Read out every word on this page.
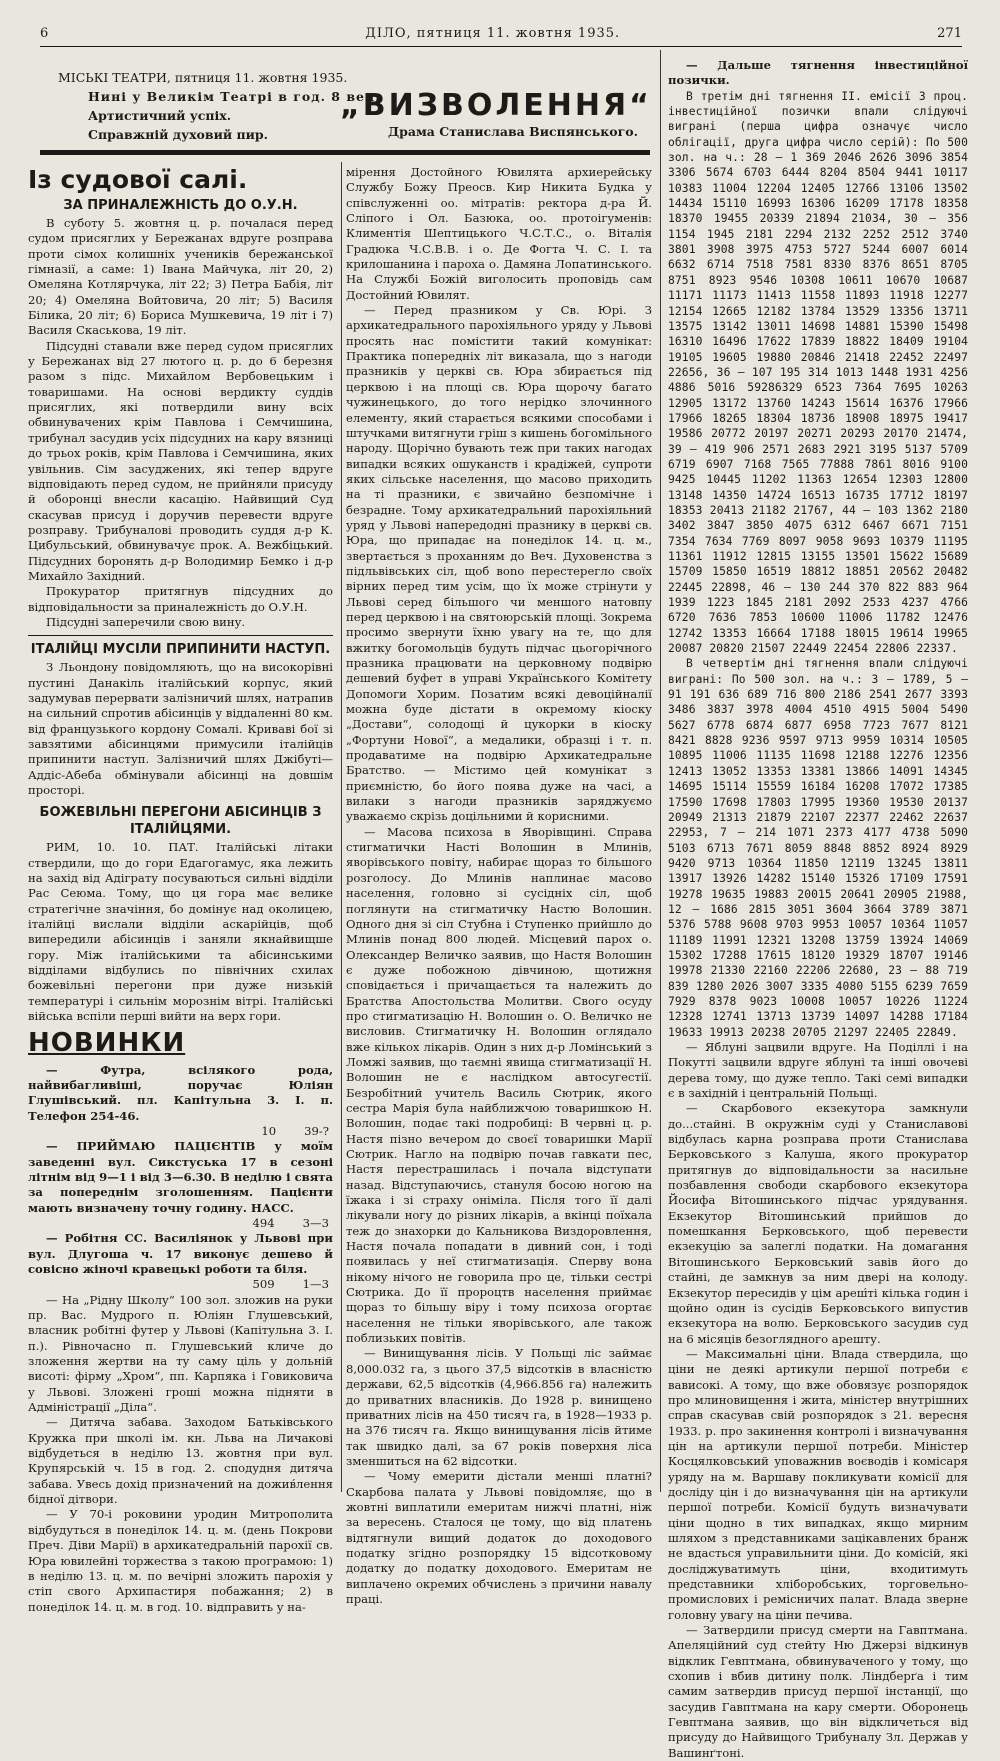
6	ДІЛО, пятниця 11. жовтня 1935.	271
МІСЬКІ ТЕАТРИ, пятниця 11. жовтня 1935.
Нині у Великім Театрі в год. 8 веч.
Артистичний успіх.
Справжній духовий пир.
„ВИЗВОЛЕННЯ“
Драма Станислава Виспянського.
Із судової салі.
ЗА ПРИНАЛЕЖНІСТЬ ДО О.У.Н.

В суботу 5. жовтня ц. р. почалася перед судом присяглих у Бережанах вдруге розправа проти сімох колишніх учеників бережанської гімназії, а саме: 1) Івана Майчука, літ 20, 2) Омеляна Котлярчука, літ 22; 3) Петра Бабія, літ 20; 4) Омеляна Войтовича, 20 літ; 5) Василя Білика, 20 літ; 6) Бориса Мушкевича, 19 літ і 7) Василя Скаськова, 19 літ.

Підсудні ставали вже перед судом присяглих у Бережанах від 27 лютого ц. р. до 6 березня разом з підс. Михайлом Вербовецьким і товаришами. На основі вердикту суддів присяглих, які потвердили вину всіх обвинувачених крім Павлова і Семчишина, трибунал засудив усіх підсудних на кару вязниці до трьох років, крім Павлова і Семчишина, яких увільнив. Сім засуджених, які тепер вдруге відповідають перед судом, не прийняли присуду й оборонці внесли касацію. Найвищий Суд скасував присуд і доручив перевести вдруге розправу. Трибуналові проводить суддя д-р К. Цибульський, обвинувачує прок. А. Вежбіцький. Підсудних боронять д-р Володимир Бемко і д-р Михайло Західний.

Прокуратор притягнув підсудних до відповідальности за приналежність до О.У.Н.

Підсудні заперечили свою вину.

ІТАЛІЙЦІ МУСІЛИ ПРИПИНИТИ НАСТУП.

З Льондону повідомляють, що на високорівні пустині Данакіль італійський корпус, який задумував перервати залізничий шлях, натрапив на сильний спротив абісинців у віддаленні 80 км. від французького кордону Сомалі. Криваві бої зі завзятими абісинцями примусили італійців припинити наступ. Залізничий шлях Джібуті—Аддіс-Абеба обмінували абісинці на довшім просторі.

БОЖЕВІЛЬНІ ПЕРЕГОНИ АБІСИНЦІВ З ІТАЛІЙЦЯМИ.

РИМ, 10. 10. ПАТ. Італійські літаки ствердили, що до гори Едагогамус, яка лежить на захід від Адіграту посуваються сильні відділи Рас Сеюма. Тому, що ця гора має велике стратегічне значіння, бо домінує над околицею, італійці вислали відділи аскарійців, щоб випередили абісинців і заняли якнайвищше гору. Між італійськими та абісинськими відділами відбулись по північних схилах божевільні перегони при дуже низькій температурі і сильнім морознім вітрі. Італійські війська вспіли перші вийти на верх гори.

НОВИНКИ

— Футра, всілякого рода, найвибагливіші, поручає Юліян Глушівський. пл. Капітульна 3. І. п. Телефон 254-46.

10 39-?

— ПРИЙМАЮ ПАЦІЄНТІВ у моїм заведенні вул. Сикстуська 17 в сезоні літнім від 9—1 і від 3—6.30. В неділю і свята за попереднім зголошенням. Пацієнти мають визначену точну годину. НАСС.

494 3—3

— Робітня СС. Василіянок у Львові при вул. Длугоша ч. 17 виконує дешево й совісно жіночі кравецькі роботи та біля.

509 1—3

— На „Рідну Школу“ 100 зол. зложив на руки пр. Вас. Мудрого п. Юліян Глушевський, власник робітні футер у Львові (Капітульна 3. І. п.). Рівночасно п. Глушевський кличе до зложення жертви на ту саму ціль у дольній висоті: фірму „Хром“, пп. Карпяка і Говиковича у Львові. Зложені гроші можна підняти в Адміністрації „Діла“.

— Дитяча забава. Заходом Батьківського Кружка при школі ім. кн. Льва на Личакові відбудеться в неділю 13. жовтня при вул. Крупярській ч. 15 в год. 2. сподудня дитяча забава. Увесь дохід призначений на дожив́лення бідної дітвори.

— У 70-і роковини уродин Митрополита відбудуться в понеділок 14. ц. м. (день Покрови Преч. Діви Марії) в архикатедральній парохії св. Юра ювилейні торжества з такою програмою: 1) в неділю 13. ц. м. по вечірні зложить парохія у стіп свого Архипастиря побажання; 2) в понеділок 14. ц. м. в год. 10. відправить у на-

мірення Достойного Ювилята архиерейську Службу Божу Преосв. Кир Никита Будка у співслуженні оо. мітратів: ректора д-ра Й. Сліпого і Ол. Базюка, оо. протоігуменів: Климентія Шептицького Ч.С.Т.С., о. Віталія Градюка Ч.С.В.В. і о. Де Фогта Ч. С. І. та крилошанина і пароха о. Дамяна Лопатинського. На Службі Божій виголосить проповідь сам Достойний Ювилят.

— Перед празником у Св. Юрі. З архикатедрального парохіяльного уряду у Львові просять нас помістити такий комунікат: Практика попередніх літ виказала, що з нагоди празників у церкві св. Юра збирається під церквою і на площі св. Юра щорочу багато чужинецького, до того нерідко злочинного елементу, який старається всякими способами і штучками витягнути гріш з кишень богомільного народу. Щорічно бувають теж при таких нагодах випадки всяких ошуканств і крадіжей, супроти яких сільське населення, що масово приходить на ті празники, є звичайно безпомічне і безрадне. Тому архикатедральний парохіяльний уряд у Львові напередодні празнику в церкві св. Юра, що припадає на понеділок 14. ц. м., звертається з проханням до Веч. Духовенства з підльвівських сіл, щоб вono перестерегло своїх вірних перед тим усім, що їх може стрінути у Львові серед більшого чи меншого натовпу перед церквою і на святоюрській площі. Зокрема просимо звернути їхню увагу на те, що для вжитку богомольців будуть підчас цьогорічного празника працювати на церковному подвірю дешевий буфет в управі Українського Комітету Допомоги Хорим. Позатим всякі девоційналії можна буде дістати в окремому кіоску „Достави“, солодощі й цукорки в кіоску „Фортуни Нової“, а медалики, образці і т. п. продаватиме на подвірю Архикатедральне Братство. — Містимо цей комунікат з приємністю, бо його поява дуже на часі, а вилаки з нагоди празників заряджуємо уважаємо скрізь доцільними й корисними.

— Масова психоза в Яворівщині. Справа стигматички Насті Волошин в Млинів, яворівського повіту, набирає щораз то більшого розголосу. До Млинів наплинає масово населення, головно зі сусідніх сіл, щоб поглянути на стигматичку Настю Волошин. Одного дня зі сіл Стубна і Ступенко прийшло до Млинів понад 800 людей. Місцевий парох о. Олександер Величко заявив, що Настя Волошин є дуже побожною дівчиною, щотижня сповідається і причащається та належить до Братства Апостольства Молитви. Свого осуду про стигматизацію Н. Волошин о. О. Величко не висловив. Стигматичку Н. Волошин оглядало вже кількох лікарів. Один з них д-р Ломінський з Ломжі заявив, що таємні явища стигматизації Н. Волошин не є наслідком автосугестії. Безробітний учитель Василь Сютрик, якого сестра Марія була найближчою товаришкою Н. Волошин, подає такі подробиці: В червні ц. р. Настя пізно вечером до своєї товаришки Марії Сютрик. Нагло на подвірю почав гавкати пес, Настя перестрашилась і почала відступати назад. Відступаючись, стануля босою ногою на їжака і зі страху оніміла. Після того її далі лікували ногу до різних лікарів, а вкінці поїхала теж до знахорки до Кальниковa Виздоровлення, Настя почала попадати в дивний сон, і тоді появилась у неї стигматизація. Сперву вона нікому нічого не говорила про це, тільки сестрі Сютрика. До її пророцтв населення приймає щораз то більшу віру і тому психоза огортає населення не тільки яворівського, але також поблизьких повітів.

— Винищування лісів. У Польщі ліс займає 8,000.032 га, з цього 37,5 відсотків в власністю держави, 62,5 відсотків (4,966.856 га) належить до приватних власників. До 1928 р. винищено приватних лісів на 450 тисяч га, в 1928—1933 р. на 376 тисяч га. Якщо винищування лісів йтиме так швидко далі, за 67 років поверхня ліса зменшиться на 62 відсотки.

— Чому емерити дістали менші платні? Скарбова палата у Львові повідомляє, що в жовтні виплатили емеритам нижчі платні, ніж за вересень. Сталося це тому, що від платень відтягнули вищий додаток до доходового податку згідно розпорядку 15 відсотковому додатку до податку доходового. Емеритам не виплачено окремих обчислень з причини навалу праці.

— Дальше тягнення інвестиційної позички.

В третім дні тягнення II. емісії 3 проц. інвестиційної позички впали слідуючі виграні (перша цифра означує число облігації, друга цифра число серій): По 500 зол. на ч.: 28 — 1 369 2046 2626 3096 3854 3306 5674 6703 6444 8204 8504 9441 10117 10383 11004 12204 12405 12766 13106 13502 14434 15110 16993 16306 16209 17178 18358 18370 19455 20339 21894 21034, 30 — 356 1154 1945 2181 2294 2132 2252 2512 3740 3801 3908 3975 4753 5727 5244 6007 6014 6632 6714 7518 7581 8330 8376 8651 8705 8751 8923 9546 10308 10611 10670 10687 11171 11173 11413 11558 11893 11918 12277 12154 12665 12182 13784 13529 13356 13711 13575 13142 13011 14698 14881 15390 15498 16310 16496 17622 17839 18822 18409 19104 19105 19605 19880 20846 21418 22452 22497 22656, 36 — 107 195 314 1013 1448 1931 4256 4886 5016 59286329 6523 7364 7695 10263 12905 13172 13760 14243 15614 16376 17966 17966 18265 18304 18736 18908 18975 19417 19586 20772 20197 20271 20293 20170 21474, 39 — 419 906 2571 2683 2921 3195 5137 5709 6719 6907 7168 7565 77888 7861 8016 9100 9425 10445 11202 11363 12654 12303 12800 13148 14350 14724 16513 16735 17712 18197 18353 20413 21182 21767, 44 — 103 1362 2180 3402 3847 3850 4075 6312 6467 6671 7151 7354 7634 7769 8097 9058 9693 10379 11195 11361 11912 12815 13155 13501 15622 15689 15709 15850 16519 18812 18851 20562 20482 22445 22898, 46 — 130 244 370 822 883 964 1939 1223 1845 2181 2092 2533 4237 4766 6720 7636 7853 10600 11006 11782 12476 12742 13353 16664 17188 18015 19614 19965 20087 20820 21507 22449 22454 22806 22337.

В четвертім дні тягнення впали слідуючі виграні: По 500 зол. на ч.: 3 — 1789, 5 — 91 191 636 689 716 800 2186 2541 2677 3393 3486 3837 3978 4004 4510 4915 5004 5490 5627 6778 6874 6877 6958 7723 7677 8121 8421 8828 9236 9597 9713 9959 10314 10505 10895 11006 11135 11698 12188 12276 12356 12413 13052 13353 13381 13866 14091 14345 14695 15114 15559 16184 16208 17072 17385 17590 17698 17803 17995 19360 19530 20137 20949 21313 21879 22107 22377 22462 22637 22953, 7 — 214 1071 2373 4177 4738 5090 5103 6713 7671 8059 8848 8852 8924 8929 9420 9713 10364 11850 12119 13245 13811 13917 13926 14282 15140 15326 17109 17591 19278 19635 19883 20015 20641 20905 21988, 12 — 1686 2815 3051 3604 3664 3789 3871 5376 5788 9608 9703 9953 10057 10364 11057 11189 11991 12321 13208 13759 13924 14069 15302 17288 17615 18120 19329 18707 19146 19978 21330 22160 22206 22680, 23 — 88 719 839 1280 2026 3007 3335 4080 5155 6239 7659 7929 8378 9023 10008 10057 10226 11224 12328 12741 13713 13739 14097 14288 17184 19633 19913 20238 20705 21297 22405 22849.

— Яблуні зацвили вдруге. На Поділлі і на Покутті зацвили вдруге яблуні та інші овочеві дерева тому, що дуже тепло. Такі семі випадки є в західній і центральній Польщі.

— Скарбового екзекутора замкнули до...стайні. В окружнім суді у Станиславові відбулась карна розправа проти Станислава Берковського з Калуша, якого прокуратор притягнув до відповідальности за насильне позбавлення свободи скарбового екзекутора Йосифа Вітошинського підчас урядування. Екзекутор Вітошинський прийшов до помешкання Берковського, щоб перевести екзекуцію за залеглі податки. На домагання Вітошинського Берковський завів його до стайні, де замкнув за ним двері на колоду. Екзекутор пересидів у цім ареш́ті кілька годин і щойно один із сусідів Берковського випустив екзекутора на волю. Берковського засудив суд на 6 місяців безоглядного арешту.

— Максимальні ціни. Влада ствердила, що ціни не деякі артикули першої потреби є вависокі. А тому, що вже обовязує розпорядок про млиновищення і жита, міністер внутрішних справ скасував свій розпорядок з 21. вересня 1933. р. про закинення контролі і визначування цін на артикули першої потреби. Міністер Косцялковський уповажнив воєводів і комісаря уряду на м. Варшаву покликувати комісії для досліду цін і до визначування цін на артикули першої потреби. Комісії будуть визначувати ціни щодно в тих випадках, якщо мирним шляхом з представниками зацікавлених бранж не вдасться управильнити ціни. До комісій, які досліджуватимуть ціни, входитимуть представники хліборобських, торговельно-промислових і ремісничих палат. Влада зверне головну увагу на ціни печива.

— Затвердили присуд смерти на Гавптмана. Апеляційний суд стейту Ню Джерзі відкинув відклик Гевптмана, обвинуваченого у тому, що схопив і вбив дитину полк. Ліндберґа і тим самим затвердив присуд першої інстанції, що засудив Гавптмана на кару смерти. Оборонець Гевптмана заявив, що він відкличеться від присуду до Найвищого Трибуналу Зл. Держав у Вашинґтоні.
